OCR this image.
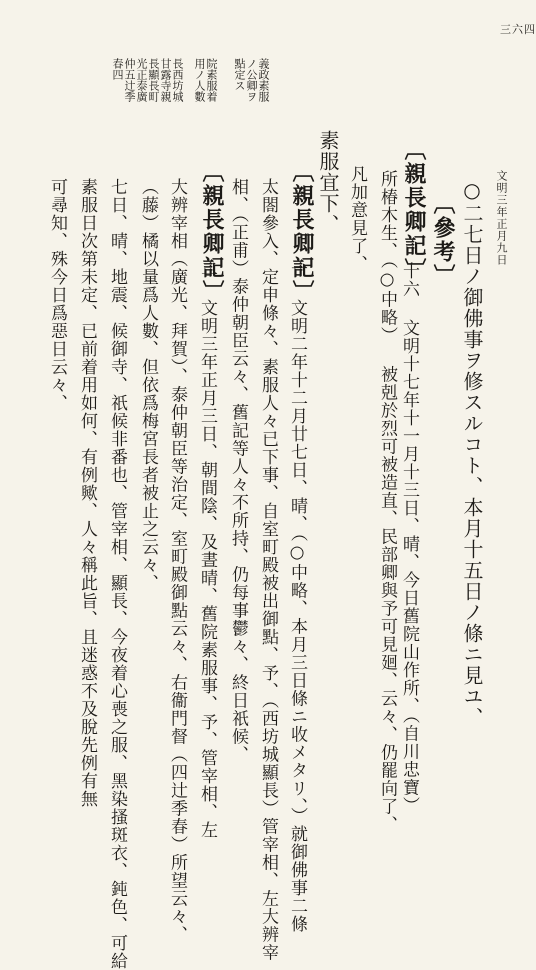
文明三年正月九日
三六四
義政素服
ノ公卿ヲ
點定ス
院素服着
用ノ人數
長西坊城
甘露寺親
長顯長町
光正泰廣
仲五辻季
春四
○二七日ノ御佛事ヲ修スルコト、本月十五日ノ條ニ見ユ、
〔參考〕
〔親長卿記〕
十六 文明十七年十一月十三日、晴、今日舊院山作所、（自川忠寶）
所椿木生、（○中略） 被剋於烈可被造直、民部卿與予可見廻、云々、仍罷向了、
凡加意見了、
素服宜下、
〔親長卿記〕
一 文明二年十二月廿七日、晴、（○中略、本月三日條ニ收メタリ、）就御佛事二條
太閤參入、定申條々、素服人々已下事、自室町殿被出御點、予、（西坊城顯長）管宰相、左大辨宰
相、（正甫）泰仲朝臣云々、舊記等人々不所持、仍每事鬱々、終日祇候、
〔親長卿記〕
二 文明三年正月三日、朝間陰、及晝晴、舊院素服事、予、管宰相、左
大辨宰相（廣光、拜賀）、泰仲朝臣等治定、室町殿御點云々、右衞門督（四辻季春）所望云々、
（藤）橘以量爲人數、但依爲梅宮長者被止之云々、
七日、晴、地震、候御寺、祇候非番也、管宰相、顯長、今夜着心喪之服、黑染搔斑衣、鈍色、可給
素服日次第未定、已前着用如何、有例歟、人々稱此旨、且迷惑不及脫先例有無
可尋知、殊今日爲惡日云々、
